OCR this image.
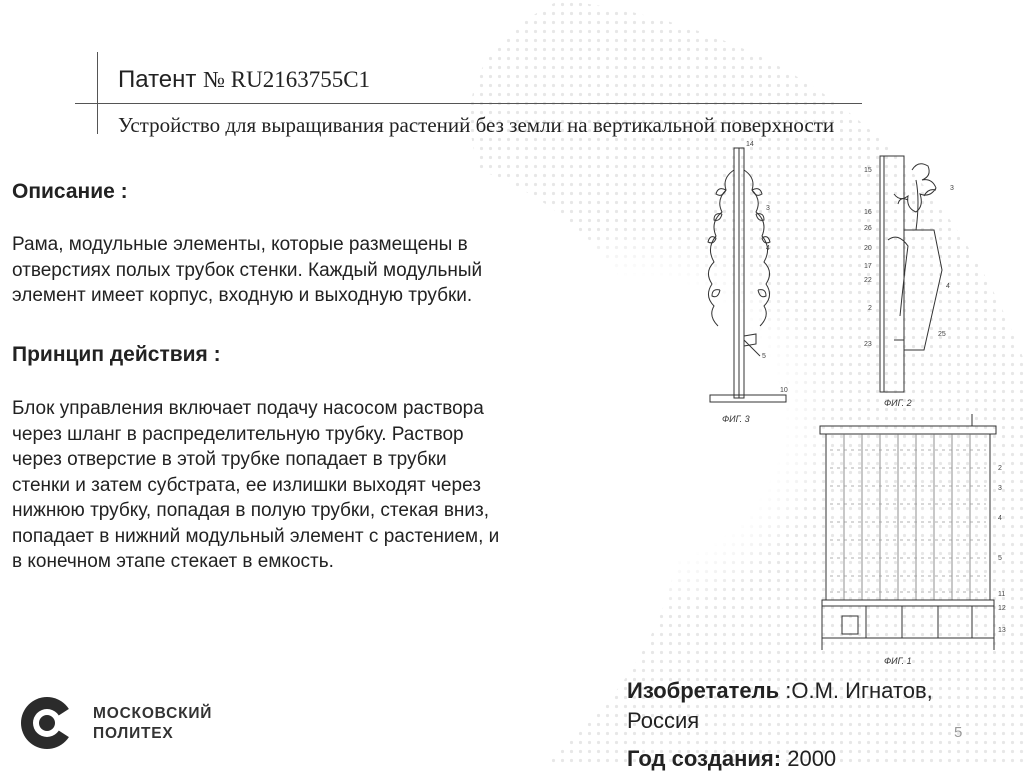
Патент № RU2163755C1
Устройство для выращивания растений без земли на вертикальной поверхности
Описание :
Рама, модульные элементы, которые размещены в
отверстиях полых трубок стенки. Каждый модульный
элемент имеет корпус, входную и выходную трубки.
Принцип действия :
Блок управления включает подачу насосом раствора
через шланг в распределительную трубку. Раствор
через отверстие в этой трубке попадает в трубки
стенки и затем субстрата, ее излишки выходят через
нижнюю трубку, попадая в полую трубки, стекая вниз,
попадает в нижний модульный элемент с растением, и
в конечном этапе стекает в емкость.
14
3
4
5
10
ФИГ. 3
15
16
26
20
17
22
2
23
3
4
25
ФИГ. 2
2
3
4
5
11
12
13
ФИГ. 1
Изобретатель :О.М. Игнатов,
Россия
Год создания: 2000
5
МОСКОВСКИЙ
ПОЛИТЕХ
